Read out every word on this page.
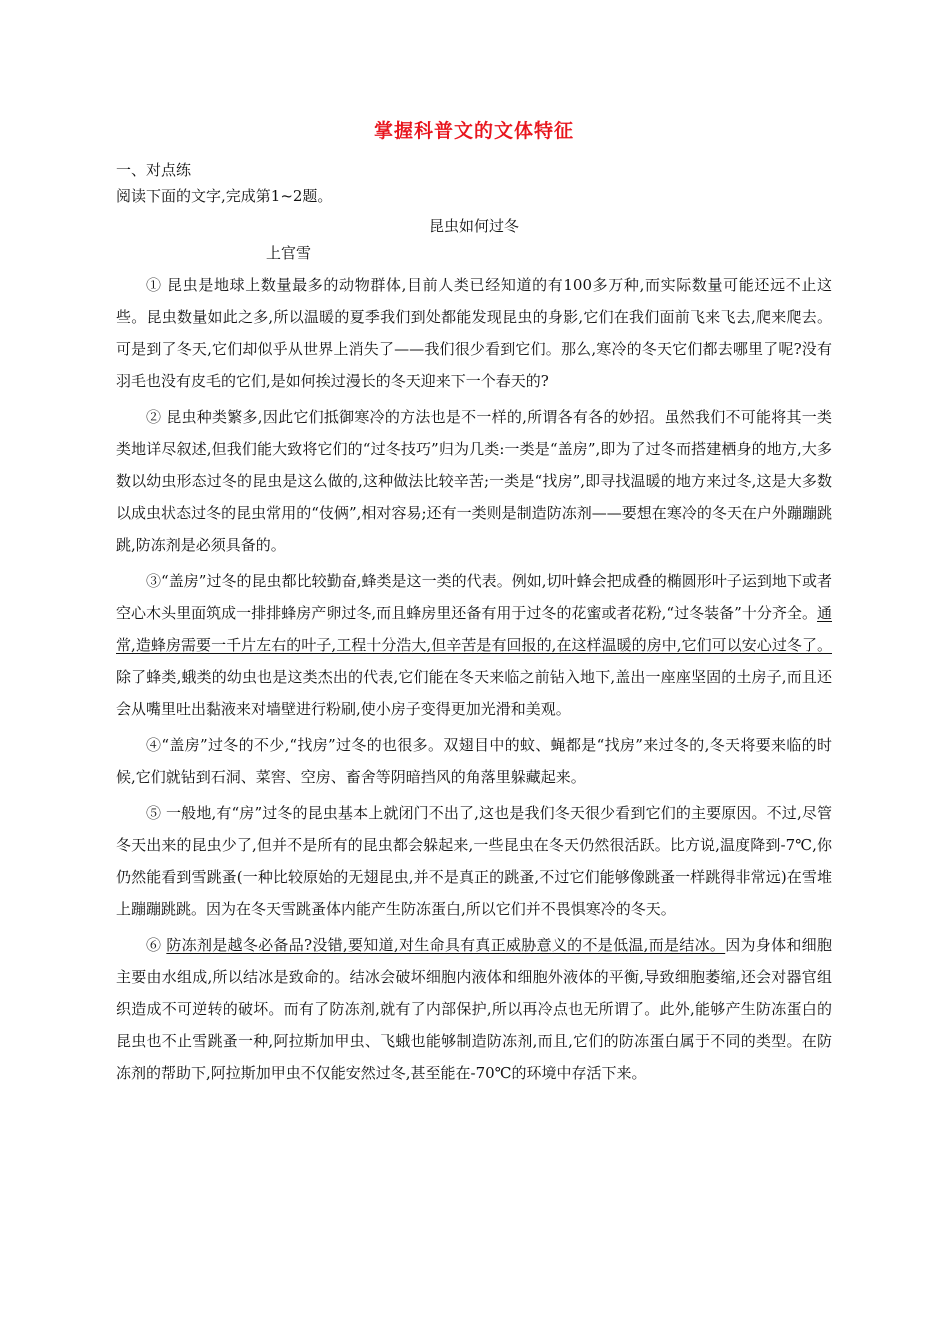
掌握科普文的文体特征

一、对点练

阅读下面的文字,完成第1~2题。

昆虫如何过冬

上官雪

① 昆虫是地球上数量最多的动物群体,目前人类已经知道的有100多万种,而实际数量可能还远不止这些。昆虫数量如此之多,所以温暖的夏季我们到处都能发现昆虫的身影,它们在我们面前飞来飞去,爬来爬去。可是到了冬天,它们却似乎从世界上消失了——我们很少看到它们。那么,寒冷的冬天它们都去哪里了呢?没有羽毛也没有皮毛的它们,是如何挨过漫长的冬天迎来下一个春天的?

② 昆虫种类繁多,因此它们抵御寒冷的方法也是不一样的,所谓各有各的妙招。虽然我们不可能将其一类类地详尽叙述,但我们能大致将它们的“过冬技巧”归为几类:一类是“盖房”,即为了过冬而搭建栖身的地方,大多数以幼虫形态过冬的昆虫是这么做的,这种做法比较辛苦;一类是“找房”,即寻找温暖的地方来过冬,这是大多数以成虫状态过冬的昆虫常用的“伎俩”,相对容易;还有一类则是制造防冻剂——要想在寒冷的冬天在户外蹦蹦跳跳,防冻剂是必须具备的。

③“盖房”过冬的昆虫都比较勤奋,蜂类是这一类的代表。例如,切叶蜂会把成叠的椭圆形叶子运到地下或者空心木头里面筑成一排排蜂房产卵过冬,而且蜂房里还备有用于过冬的花蜜或者花粉,“过冬装备”十分齐全。通常,造蜂房需要一千片左右的叶子,工程十分浩大,但辛苦是有回报的,在这样温暖的房中,它们可以安心过冬了。除了蜂类,蛾类的幼虫也是这类杰出的代表,它们能在冬天来临之前钻入地下,盖出一座座坚固的土房子,而且还会从嘴里吐出黏液来对墙壁进行粉刷,使小房子变得更加光滑和美观。

④“盖房”过冬的不少,“找房”过冬的也很多。双翅目中的蚊、蝇都是“找房”来过冬的,冬天将要来临的时候,它们就钻到石洞、菜窖、空房、畜舍等阴暗挡风的角落里躲藏起来。

⑤ 一般地,有“房”过冬的昆虫基本上就闭门不出了,这也是我们冬天很少看到它们的主要原因。不过,尽管冬天出来的昆虫少了,但并不是所有的昆虫都会躲起来,一些昆虫在冬天仍然很活跃。比方说,温度降到-7℃,你仍然能看到雪跳蚤(一种比较原始的无翅昆虫,并不是真正的跳蚤,不过它们能够像跳蚤一样跳得非常远)在雪堆上蹦蹦跳跳。因为在冬天雪跳蚤体内能产生防冻蛋白,所以它们并不畏惧寒冷的冬天。

⑥ 防冻剂是越冬必备品?没错,要知道,对生命具有真正威胁意义的不是低温,而是结冰。因为身体和细胞主要由水组成,所以结冰是致命的。结冰会破坏细胞内液体和细胞外液体的平衡,导致细胞萎缩,还会对器官组织造成不可逆转的破坏。而有了防冻剂,就有了内部保护,所以再冷点也无所谓了。此外,能够产生防冻蛋白的昆虫也不止雪跳蚤一种,阿拉斯加甲虫、飞蛾也能够制造防冻剂,而且,它们的防冻蛋白属于不同的类型。在防冻剂的帮助下,阿拉斯加甲虫不仅能安然过冬,甚至能在-70℃的环境中存活下来。
